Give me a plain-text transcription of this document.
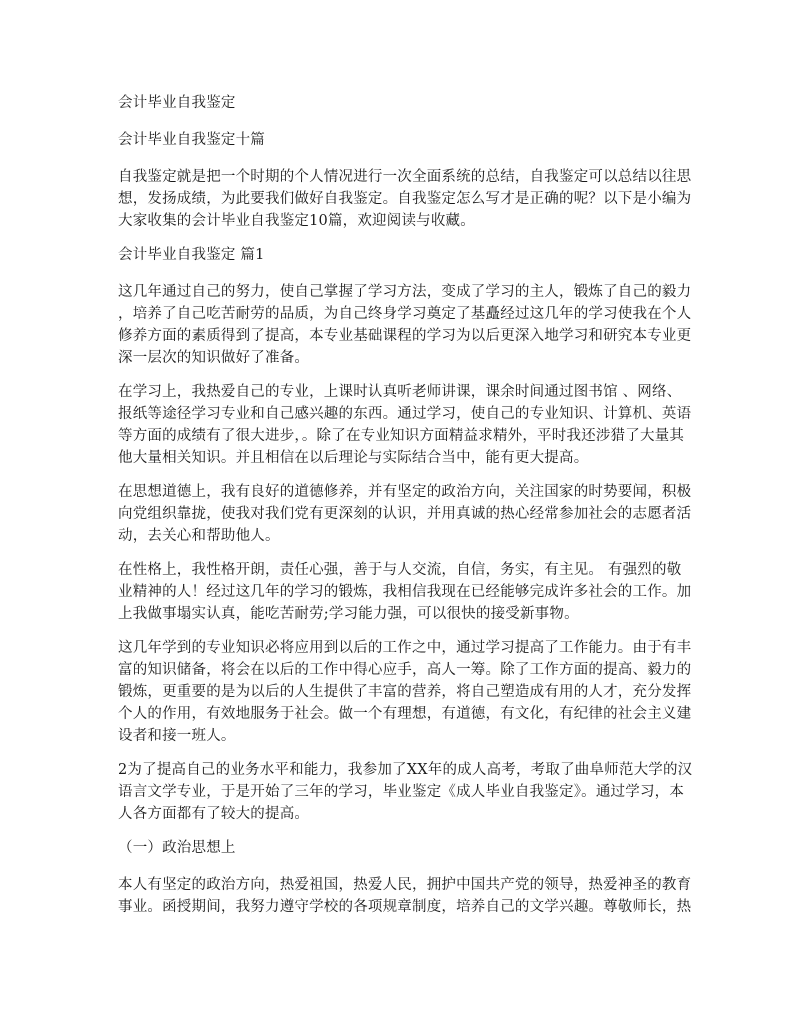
会计毕业自我鉴定
会计毕业自我鉴定十篇
自我鉴定就是把一个时期的个人情况进行一次全面系统的总结，自我鉴定可以总结以往思
想，发扬成绩，为此要我们做好自我鉴定。自我鉴定怎么写才是正确的呢？以下是小编为
大家收集的会计毕业自我鉴定10篇，欢迎阅读与收藏。
会计毕业自我鉴定 篇1
这几年通过自己的努力，使自己掌握了学习方法，变成了学习的主人，锻炼了自己的毅力
，培养了自己吃苦耐劳的品质，为自己终身学习奠定了基矗经过这几年的学习使我在个人
修养方面的素质得到了提高，本专业基础课程的学习为以后更深入地学习和研究本专业更
深一层次的知识做好了准备。
在学习上，我热爱自己的专业，上课时认真听老师讲课，课余时间通过图书馆 、网络、
报纸等途径学习专业和自己感兴趣的东西。通过学习，使自己的专业知识、计算机、英语
等方面的成绩有了很大进步，。除了在专业知识方面精益求精外，平时我还涉猎了大量其
他大量相关知识。并且相信在以后理论与实际结合当中，能有更大提高。
在思想道德上，我有良好的道德修养，并有坚定的政治方向，关注国家的时势要闻，积极
向党组织靠拢，使我对我们党有更深刻的认识，并用真诚的热心经常参加社会的志愿者活
动，去关心和帮助他人。
在性格上，我性格开朗，责任心强，善于与人交流，自信，务实，有主见。 有强烈的敬
业精神的人！经过这几年的学习的锻炼，我相信我现在已经能够完成许多社会的工作。加
上我做事塌实认真，能吃苦耐劳;学习能力强，可以很快的接受新事物。
这几年学到的专业知识必将应用到以后的工作之中，通过学习提高了工作能力。由于有丰
富的知识储备，将会在以后的工作中得心应手，高人一筹。除了工作方面的提高、毅力的
锻炼，更重要的是为以后的人生提供了丰富的营养，将自己塑造成有用的人才，充分发挥
个人的作用，有效地服务于社会。做一个有理想，有道德，有文化，有纪律的社会主义建
设者和接一班人。
2为了提高自己的业务水平和能力，我参加了XX年的成人高考，考取了曲阜师范大学的汉
语言文学专业，于是开始了三年的学习，毕业鉴定《成人毕业自我鉴定》。通过学习，本
人各方面都有了较大的提高。
（一）政治思想上
本人有坚定的政治方向，热爱祖国，热爱人民，拥护中国共产党的领导，热爱神圣的教育
事业。函授期间，我努力遵守学校的各项规章制度，培养自己的文学兴趣。尊敬师长，热
